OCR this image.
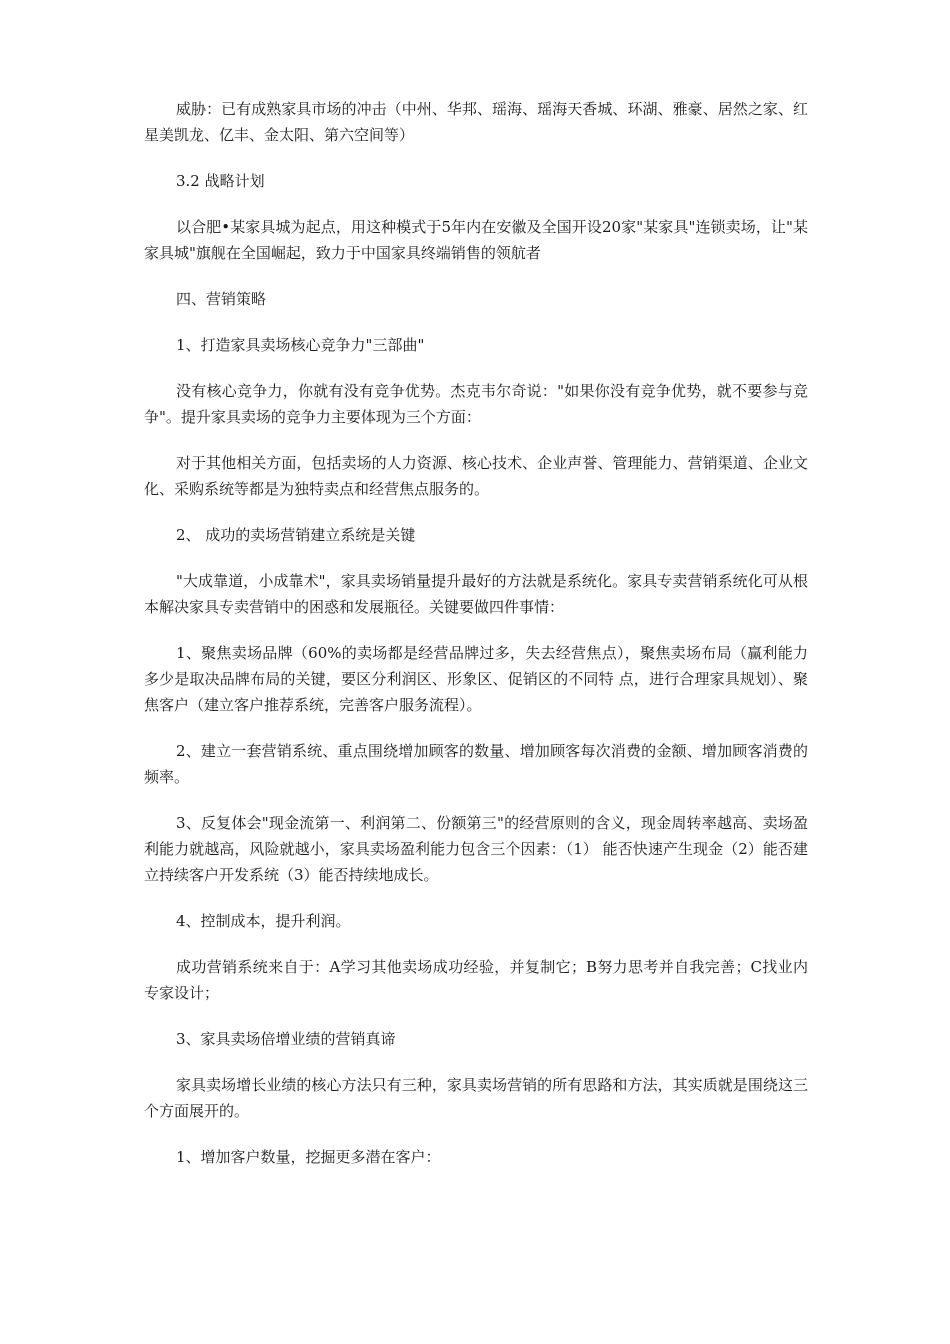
威胁：已有成熟家具市场的冲击（中州、华邦、瑶海、瑶海天香城、环湖、雅豪、居然之家、红星美凯龙、亿丰、金太阳、第六空间等）

3.2 战略计划

以合肥•某家具城为起点，用这种模式于5年内在安徽及全国开设20家"某家具"连锁卖场，让"某家具城"旗舰在全国崛起，致力于中国家具终端销售的领航者

四、营销策略

1、打造家具卖场核心竞争力"三部曲"

没有核心竞争力，你就有没有竞争优势。杰克韦尔奇说："如果你没有竞争优势，就不要参与竞争"。提升家具卖场的竞争力主要体现为三个方面：

对于其他相关方面，包括卖场的人力资源、核心技术、企业声誉、管理能力、营销渠道、企业文化、采购系统等都是为独特卖点和经营焦点服务的。

2、 成功的卖场营销建立系统是关键

"大成靠道，小成靠术"，家具卖场销量提升最好的方法就是系统化。家具专卖营销系统化可从根本解决家具专卖营销中的困惑和发展瓶径。关键要做四件事情：

1、聚焦卖场品牌（60%的卖场都是经营品牌过多，失去经营焦点），聚焦卖场布局（赢利能力多少是取决品牌布局的关键，要区分利润区、形象区、促销区的不同特 点，进行合理家具规划）、聚焦客户（建立客户推荐系统，完善客户服务流程）。

2、建立一套营销系统、重点围绕增加顾客的数量、增加顾客每次消费的金额、增加顾客消费的频率。

3、反复体会"现金流第一、利润第二、份额第三"的经营原则的含义，现金周转率越高、卖场盈利能力就越高，风险就越小，家具卖场盈利能力包含三个因素：（1） 能否快速产生现金（2）能否建立持续客户开发系统（3）能否持续地成长。

4、控制成本，提升利润。

成功营销系统来自于：A学习其他卖场成功经验，并复制它；B努力思考并自我完善；C找业内专家设计；

3、家具卖场倍增业绩的营销真谛

家具卖场增长业绩的核心方法只有三种，家具卖场营销的所有思路和方法，其实质就是围绕这三个方面展开的。

1、增加客户数量，挖掘更多潜在客户：
